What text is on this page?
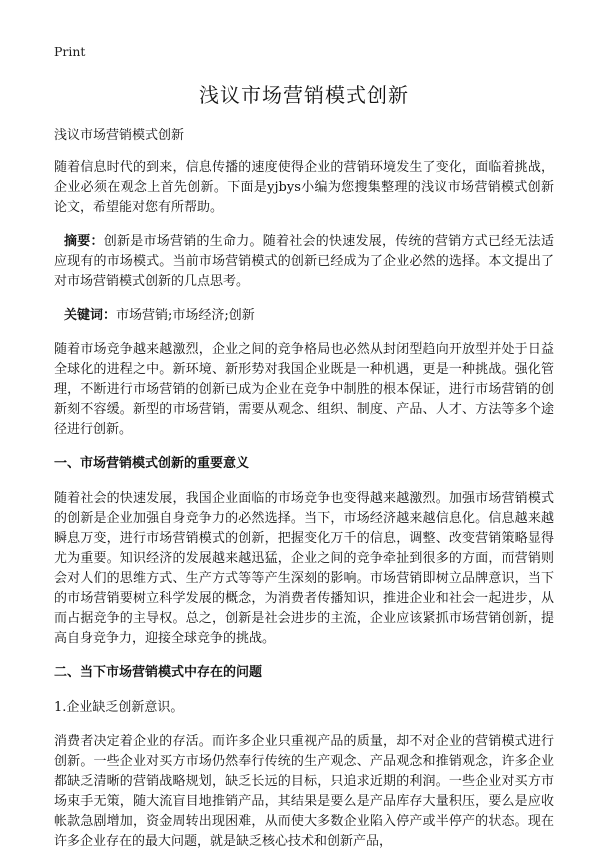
Print
浅议市场营销模式创新
浅议市场营销模式创新

随着信息时代的到来，信息传播的速度使得企业的营销环境发生了变化，面临着挑战，企业必须在观念上首先创新。下面是yjbys小编为您搜集整理的浅议市场营销模式创新论文，希望能对您有所帮助。

摘要：创新是市场营销的生命力。随着社会的快速发展，传统的营销方式已经无法适应现有的市场模式。当前市场营销模式的创新已经成为了企业必然的选择。本文提出了对市场营销模式创新的几点思考。

关键词：市场营销;市场经济;创新

随着市场竞争越来越激烈，企业之间的竞争格局也必然从封闭型趋向开放型并处于日益全球化的进程之中。新环境、新形势对我国企业既是一种机遇，更是一种挑战。强化管理，不断进行市场营销的创新已成为企业在竞争中制胜的根本保证，进行市场营销的创新刻不容缓。新型的市场营销，需要从观念、组织、制度、产品、人才、方法等多个途径进行创新。

一、市场营销模式创新的重要意义

随着社会的快速发展，我国企业面临的市场竞争也变得越来越激烈。加强市场营销模式的创新是企业加强自身竞争力的必然选择。当下，市场经济越来越信息化。信息越来越瞬息万变，进行市场营销模式的创新，把握变化万千的信息，调整、改变营销策略显得尤为重要。知识经济的发展越来越迅猛，企业之间的竞争牵扯到很多的方面，而营销则会对人们的思维方式、生产方式等等产生深刻的影响。市场营销即树立品牌意识，当下的市场营销要树立科学发展的概念，为消费者传播知识，推进企业和社会一起进步，从而占据竞争的主导权。总之，创新是社会进步的主流，企业应该紧抓市场营销创新，提高自身竞争力，迎接全球竞争的挑战。

二、当下市场营销模式中存在的问题
1.企业缺乏创新意识。

消费者决定着企业的存活。而许多企业只重视产品的质量，却不对企业的营销模式进行创新。一些企业对买方市场仍然奉行传统的生产观念、产品观念和推销观念，许多企业都缺乏清晰的营销战略规划，缺乏长远的目标，只追求近期的利润。一些企业对买方市场束手无策，随大流盲目地推销产品，其结果是要么是产品库存大量积压，要么是应收帐款急剧增加，资金周转出现困难，从而使大多数企业陷入停产或半停产的状态。现在许多企业存在的最大问题，就是缺乏核心技术和创新产品，
